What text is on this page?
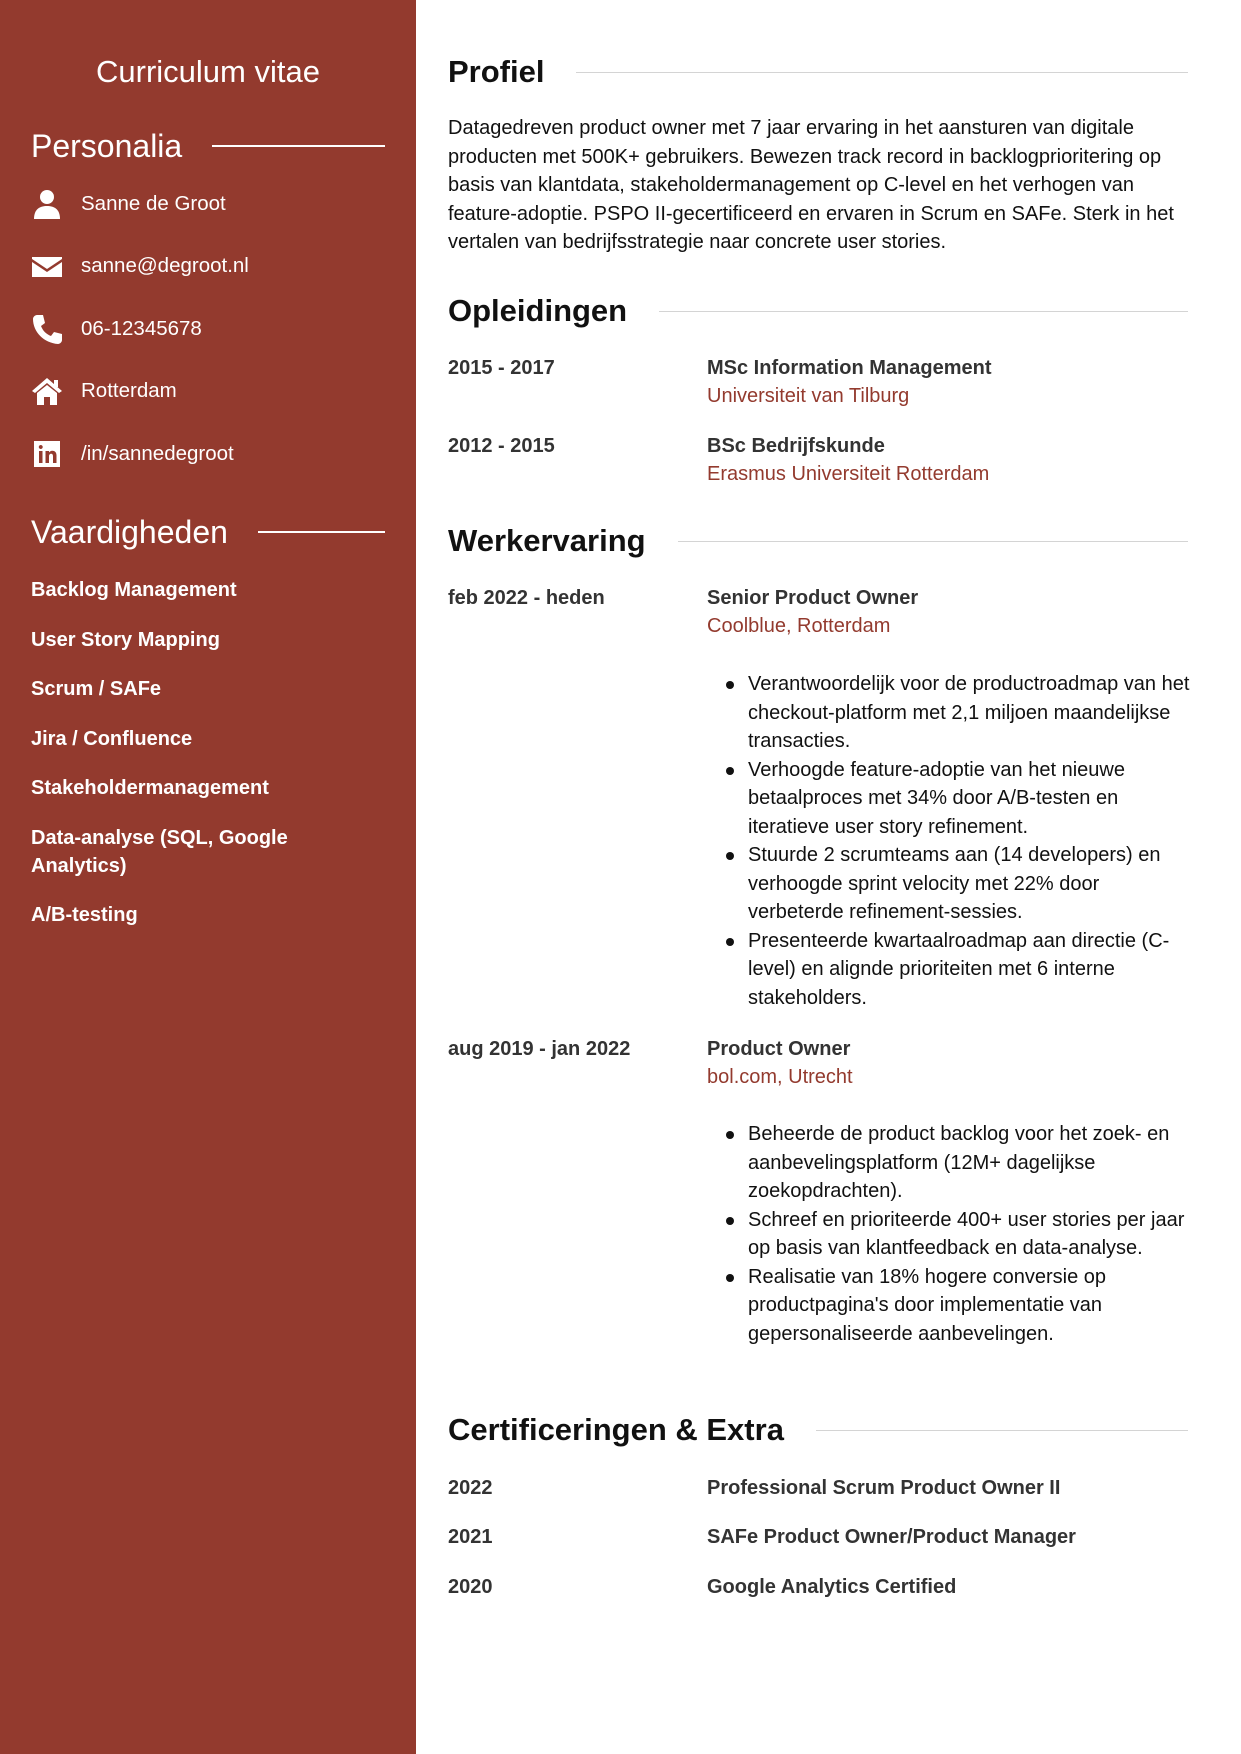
Curriculum vitae
Personalia
Sanne de Groot
sanne@degroot.nl
06-12345678
Rotterdam
/in/sannedegroot
Vaardigheden
Backlog Management
User Story Mapping
Scrum / SAFe
Jira / Confluence
Stakeholdermanagement
Data-analyse (SQL, Google Analytics)
A/B-testing
Profiel
Datagedreven product owner met 7 jaar ervaring in het aansturen van digitale producten met 500K+ gebruikers. Bewezen track record in backlogprioritering op basis van klantdata, stakeholdermanagement op C-level en het verhogen van feature-adoptie. PSPO II-gecertificeerd en ervaren in Scrum en SAFe. Sterk in het vertalen van bedrijfsstrategie naar concrete user stories.
Opleidingen
2015 - 2017	MSc Information Management
Universiteit van Tilburg
2012 - 2015	BSc Bedrijfskunde
Erasmus Universiteit Rotterdam
Werkervaring
feb 2022 - heden	Senior Product Owner
Coolblue, Rotterdam
Verantwoordelijk voor de productroadmap van het checkout-platform met 2,1 miljoen maandelijkse transacties.
Verhoogde feature-adoptie van het nieuwe betaalproces met 34% door A/B-testen en iteratieve user story refinement.
Stuurde 2 scrumteams aan (14 developers) en verhoogde sprint velocity met 22% door verbeterde refinement-sessies.
Presenteerde kwartaalroadmap aan directie (C-level) en alignde prioriteiten met 6 interne stakeholders.
aug 2019 - jan 2022	Product Owner
bol.com, Utrecht
Beheerde de product backlog voor het zoek- en aanbevelingsplatform (12M+ dagelijkse zoekopdrachten).
Schreef en prioriteerde 400+ user stories per jaar op basis van klantfeedback en data-analyse.
Realisatie van 18% hogere conversie op productpagina's door implementatie van gepersonaliseerde aanbevelingen.
Certificeringen & Extra
2022	Professional Scrum Product Owner II
2021	SAFe Product Owner/Product Manager
2020	Google Analytics Certified
